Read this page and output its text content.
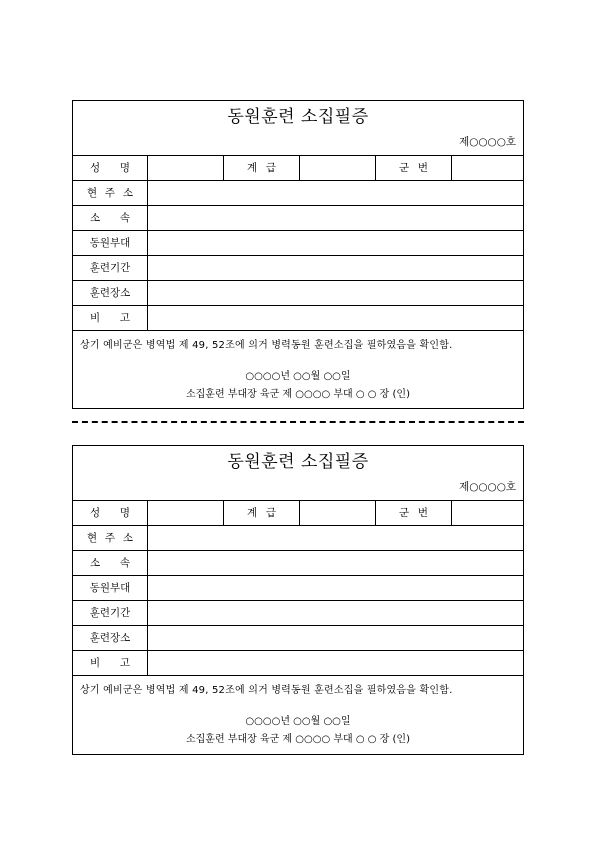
동원훈련 소집필증
제○○○○호
성 명	계 급	군 번
현 주 소
소 속
동원부대
훈련기간
훈련장소
비 고
상기 예비군은 병역법 제 49, 52조에 의거 병력동원 훈련소집을 필하였음을 확인함.
○○○○년 ○○월 ○○일
소집훈련 부대장 육군 제 ○○○○ 부대 ○ ○ 장 (인)
동원훈련 소집필증
제○○○○호
성 명	계 급	군 번
현 주 소
소 속
동원부대
훈련기간
훈련장소
비 고
상기 예비군은 병역법 제 49, 52조에 의거 병력동원 훈련소집을 필하였음을 확인함.
○○○○년 ○○월 ○○일
소집훈련 부대장 육군 제 ○○○○ 부대 ○ ○ 장 (인)
